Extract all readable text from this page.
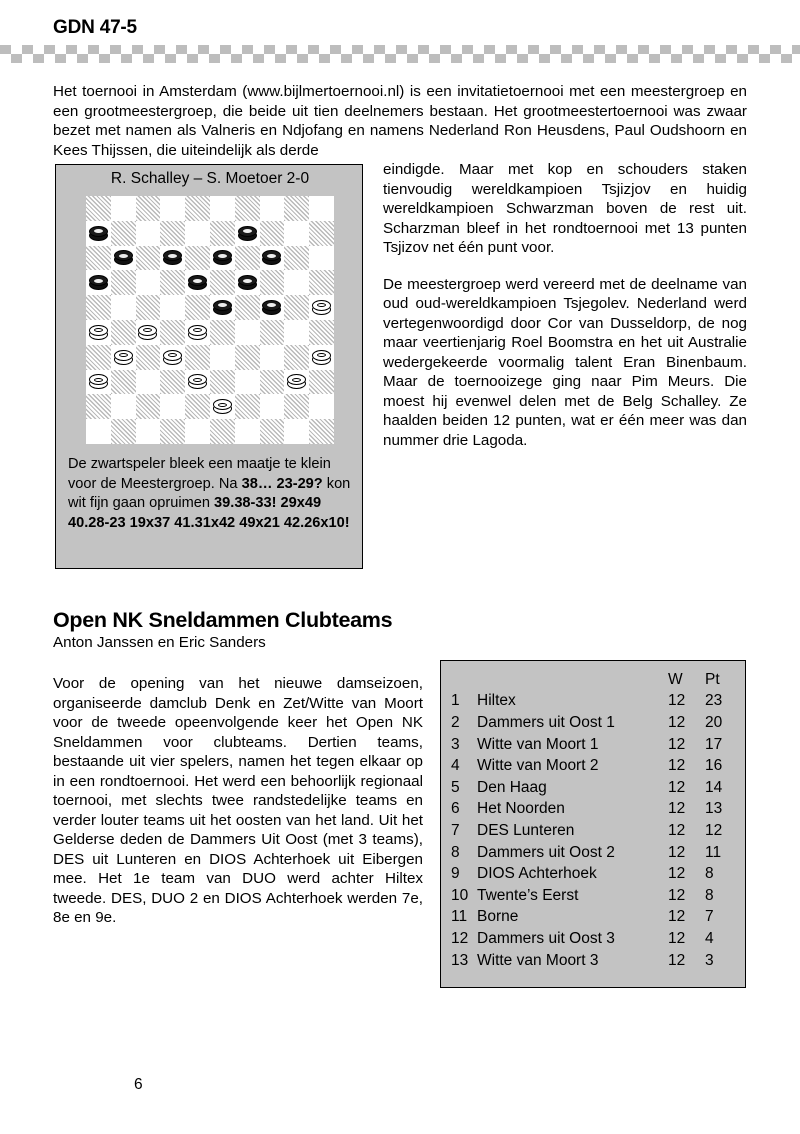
GDN 47-5
Het toernooi in Amsterdam (www.bijlmertoernooi.nl) is een invitatietoernooi met een meestergroep en een grootmeestergroep, die beide uit tien deelnemers bestaan. Het grootmeestertoernooi was zwaar bezet met namen als Valneris en Ndjofang en namens Nederland Ron Heusdens, Paul Oudshoorn en Kees Thijssen, die uiteindelijk als derde
R. Schalley – S. Moetoer 2-0
De zwartspeler bleek een maatje te klein voor de Meestergroep. Na 38… 23-29? kon wit fijn gaan opruimen 39.38-33! 29x49 40.28-23 19x37 41.31x42 49x21 42.26x10!

eindigde. Maar met kop en schouders staken tienvoudig wereldkampioen Tsjizjov en huidig wereldkampioen Schwarzman boven de rest uit. Scharzman bleef in het rondtoernooi met 13 punten Tsjizov net één punt voor.

De meestergroep werd vereerd met de deelname van oud oud-wereldkampioen Tsjegolev. Nederland werd vertegenwoordigd door Cor van Dusseldorp, de nog maar veertienjarig Roel Boomstra en het uit Australie wedergekeerde voormalig talent Eran Binenbaum. Maar de toernooizege ging naar Pim Meurs. Die moest hij evenwel delen met de Belg Schalley. Ze haalden beiden 12 punten, wat er één meer was dan nummer drie Lagoda.

Open NK Sneldammen Clubteams
Anton Janssen en Eric Sanders
Voor de opening van het nieuwe damseizoen, organiseerde damclub Denk en Zet/Witte van Moort voor de tweede opeenvolgende keer het Open NK Sneldammen voor clubteams. Dertien teams, bestaande uit vier spelers, namen het tegen elkaar op in een rondtoernooi. Het werd een behoorlijk regionaal toernooi, met slechts twee randstedelijke teams en verder louter teams uit het oosten van het land. Uit het Gelderse deden de Dammers Uit Oost (met 3 teams), DES uit Lunteren en DIOS Achterhoek uit Eibergen mee. Het 1e team van DUO werd achter Hiltex tweede. DES, DUO 2 en DIOS Achterhoek werden 7e, 8e en 9e.
		W	Pt
1	Hiltex	12	23
2	Dammers uit Oost 1	12	20
3	Witte van Moort 1	12	17
4	Witte van Moort 2	12	16
5	Den Haag	12	14
6	Het Noorden	12	13
7	DES Lunteren	12	12
8	Dammers uit Oost 2	12	11
9	DIOS Achterhoek	12	8
10	Twente’s Eerst	12	8
11	Borne	12	7
12	Dammers uit Oost 3	12	4
13	Witte van Moort 3	12	3
6
